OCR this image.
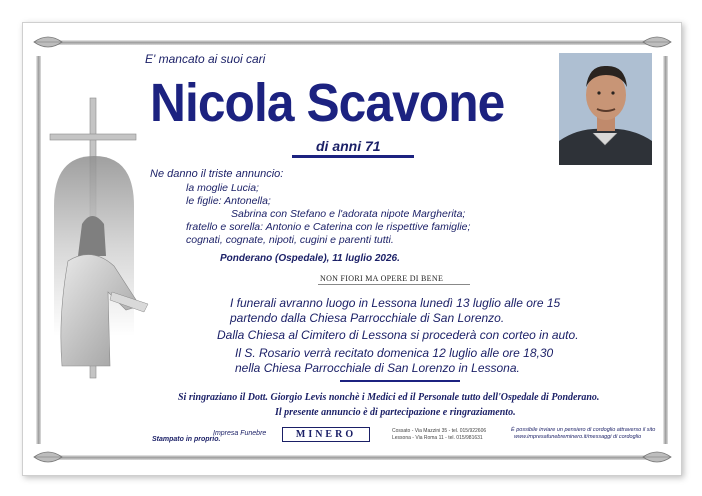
E' mancato ai suoi cari
Nicola Scavone
di anni 71
Ne danno il triste annuncio:
la moglie Lucia;
le figlie: Antonella;
Sabrina con Stefano e l'adorata nipote Margherita;
fratello e sorella: Antonio e Caterina con le rispettive famiglie;
cognati, cognate, nipoti, cugini e parenti tutti.
Ponderano (Ospedale), 11 luglio 2026.
NON FIORI MA OPERE DI BENE
I funerali avranno luogo in Lessona lunedì 13 luglio alle ore 15
partendo dalla Chiesa Parrocchiale di San Lorenzo.
Dalla Chiesa al Cimitero di Lessona si procederà con corteo in auto.
Il S. Rosario verrà recitato domenica 12 luglio alle ore 18,30
nella Chiesa Parrocchiale di San Lorenzo in Lessona.
Si ringraziano il Dott. Giorgio Levis nonchè i Medici ed il Personale tutto dell'Ospedale di Ponderano.
Il presente annuncio è di partecipazione e ringraziamento.
Stampato in proprio.
Impresa Funebre	MINERO	Cossato - Via Mazzini 35 - tel. 015/922606
Lessona - Via Roma 11 - tel. 015/981631
È possibile inviare un pensiero di cordoglio attraverso il sito
www.impresafunebreminero.it/messaggi di cordoglio
